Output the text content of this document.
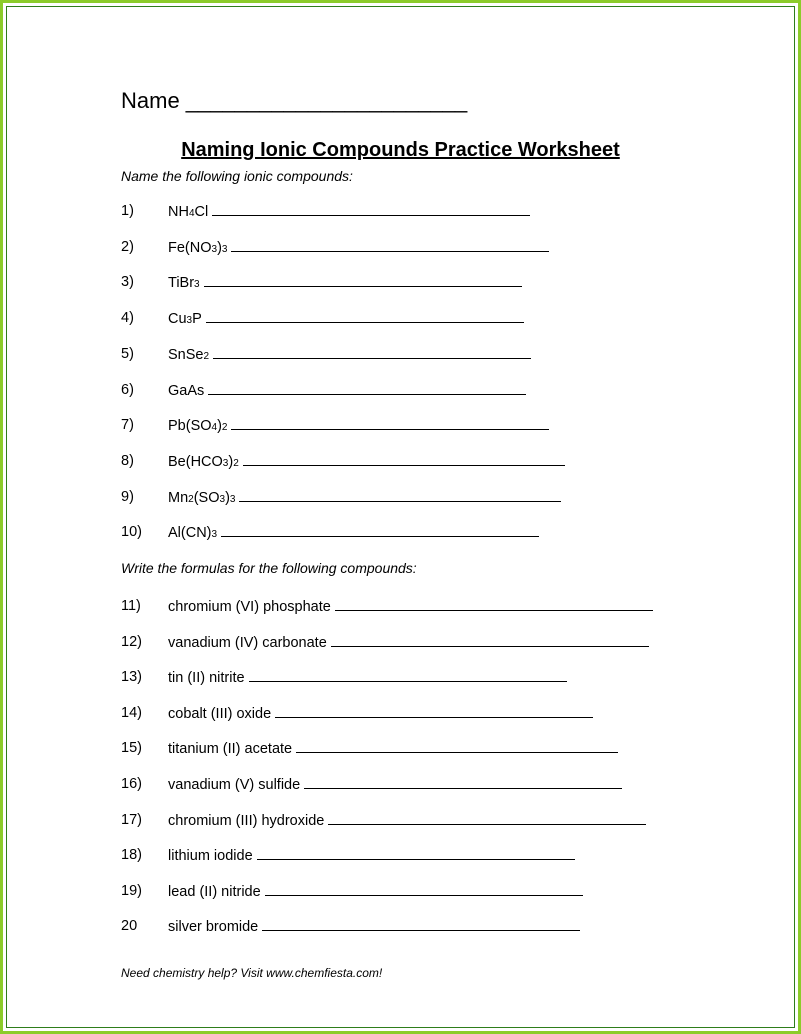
Name _______________________
Naming Ionic Compounds Practice Worksheet
Name the following ionic compounds:
1) NH 4 Cl
2) Fe(NO 3 ) 3
3) TiBr 3
4) Cu 3 P
5) SnSe 2
6) GaAs
7) Pb(SO 4 ) 2
8) Be(HCO 3 ) 2
9) Mn 2 (SO 3 ) 3
10) Al(CN) 3
Write the formulas for the following compounds:
11) chromium (VI) phosphate
12) vanadium (IV) carbonate
13) tin (II) nitrite
14) cobalt (III) oxide
15) titanium (II) acetate
16) vanadium (V) sulfide
17) chromium (III) hydroxide
18) lithium iodide
19) lead (II) nitride
20 silver bromide
Need chemistry help? Visit www.chemfiesta.com!
